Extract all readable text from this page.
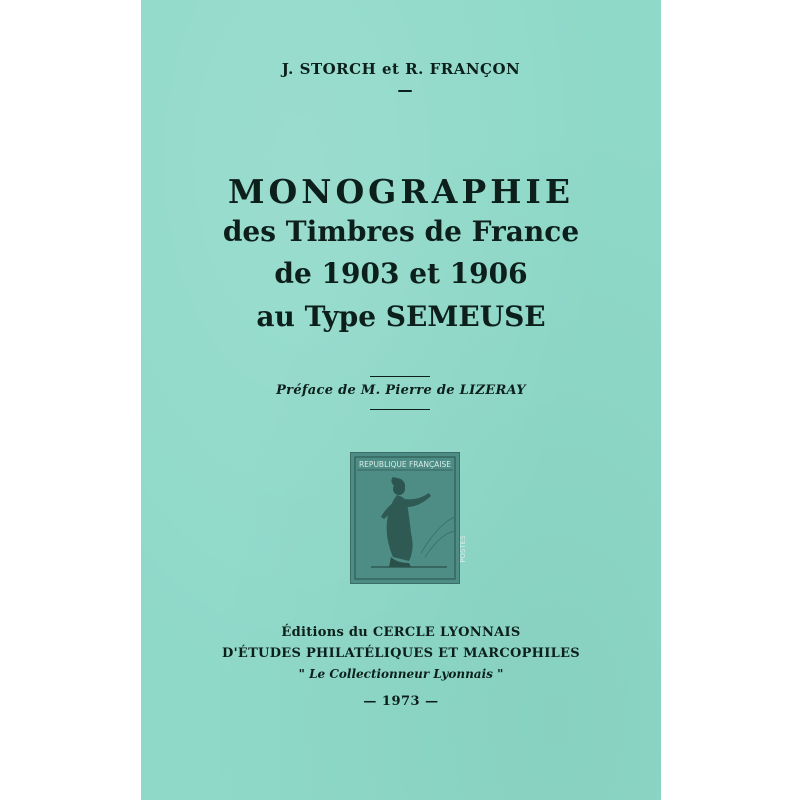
J. STORCH et R. FRANÇON
MONOGRAPHIE
des Timbres de France
de 1903 et 1906
au Type SEMEUSE
Préface de M. Pierre de LIZERAY
REPUBLIQUE FRANÇAISE
POSTES
Éditions du CERCLE LYONNAIS
D'ÉTUDES PHILATÉLIQUES ET MARCOPHILES
" Le Collectionneur Lyonnais "
— 1973 —
